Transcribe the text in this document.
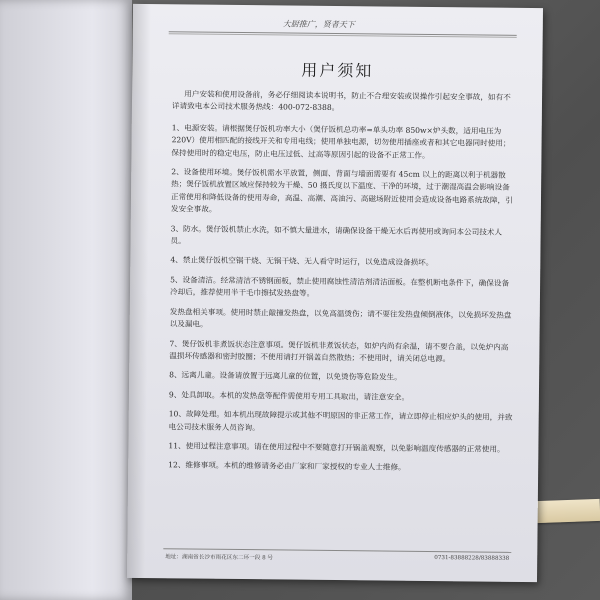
大厨推广，贤者天下
用户须知

用户安装和使用设备前，务必仔细阅读本说明书，防止不合理安装或误操作引起安全事故，如有不详请致电本公司技术服务热线：400-072-8388。

1、电源安装。请根据煲仔饭机功率大小（煲仔饭机总功率=单头功率 850w×炉头数，适用电压为 220V）使用相匹配的接线开关和专用电线；使用单独电源，切勿使用插座或者和其它电器同时使用；保持使用时的稳定电压，防止电压过低、过高等原因引起的设备不正常工作。

2、设备使用环境。煲仔饭机需水平放置，侧面、背面与墙面需要有 45cm 以上的距离以利于机器散热；煲仔饭机放置区域应保持较为干燥、50 摄氏度以下温度、干净的环境，过于潮湿高温会影响设备正常使用和降低设备的使用寿命，高温、高潮、高油污、高磁场附近使用会造成设备电路系统故障，引发安全事故。

3、防水。煲仔饭机禁止水洗，如不慎大量进水，请确保设备干燥无水后再使用或询问本公司技术人员。

4、禁止煲仔饭机空锅干烧、无锅干烧、无人看守时运行，以免造成设备损坏。

5、设备清洁。经常清洁不锈钢面板，禁止使用腐蚀性清洁剂清洁面板。在整机断电条件下，确保设备冷却后，推荐使用半干毛巾擦拭发热盘等。

发热盘相关事项。使用时禁止敲撞发热盘，以免高温烫伤；请不要往发热盘倾倒液体，以免损坏发热盘以及漏电。

7、煲仔饭机非煮饭状态注意事项。煲仔饭机非煮饭状态，如炉内尚有余温，请不要合盖，以免炉内高温损坏传感器和密封胶圈；不使用请打开锅盖自然散热；不使用时，请关闭总电源。

8、远离儿童。设备请放置于远离儿童的位置，以免烫伤等危险发生。

9、处具卸取。本机的发热盘等配件需使用专用工具取出，请注意安全。

10、故障处理。如本机出现故障提示或其他不明原因的非正常工作，请立即停止相应炉头的使用，并致电公司技术服务人员咨询。

11、使用过程注意事项。请在使用过程中不要随意打开锅盖观察，以免影响温度传感器的正常使用。

12、维修事项。本机的维修请务必由厂家和厂家授权的专业人士维修。

地址：湖南省长沙市雨花区东二环一段 8 号	0731-83888228/83888338
